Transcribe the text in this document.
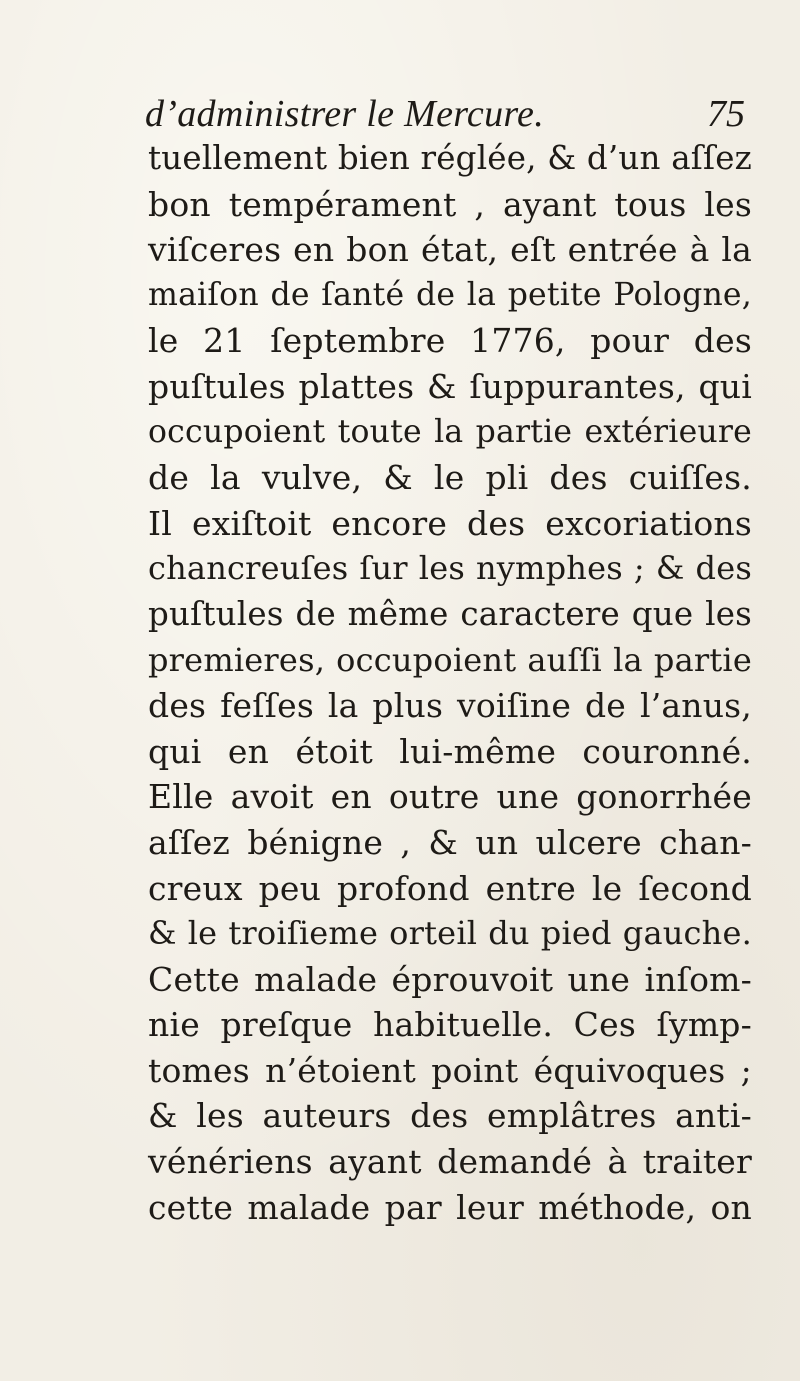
d’administrer le Mercure.	75
tuellement bien réglée, & d’un aſſez
bon tempérament , ayant tous les
viſceres en bon état, eſt entrée à la
maiſon de ſanté de la petite Pologne,
le 21 ſeptembre 1776, pour des
puſtules plattes & ſuppurantes, qui
occupoient toute la partie extérieure
de la vulve, & le pli des cuiſſes.
Il exiſtoit encore des excoriations
chancreuſes ſur les nymphes ; & des
puſtules de même caractere que les
premieres, occupoient auſſi la partie
des feſſes la plus voiſine de l’anus,
qui en étoit lui-même couronné.
Elle avoit en outre une gonorrhée
aſſez bénigne , & un ulcere chan-
creux peu profond entre le ſecond
& le troiſieme orteil du pied gauche.
Cette malade éprouvoit une inſom-
nie preſque habituelle. Ces ſymp-
tomes n’étoient point équivoques ;
& les auteurs des emplâtres anti-
vénériens ayant demandé à traiter
cette malade par leur méthode, on
